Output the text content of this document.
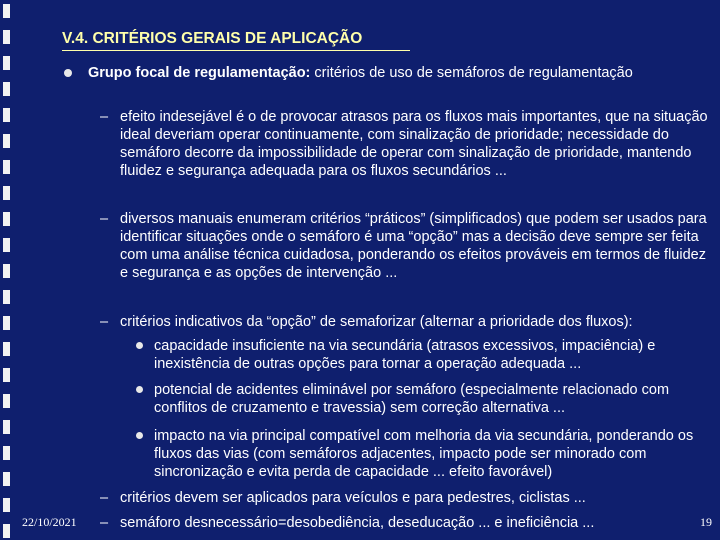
V.4. CRITÉRIOS GERAIS DE APLICAÇÃO
Grupo focal de regulamentação: critérios de uso de semáforos de regulamentação
– efeito indesejável é o de provocar atrasos para os fluxos mais importantes, que na situação ideal deveriam operar continuamente, com sinalização de prioridade; necessidade do semáforo decorre da impossibilidade de operar com sinalização de prioridade, mantendo fluidez e segurança adequada para os fluxos secundários ...
– diversos manuais enumeram critérios “práticos” (simplificados) que podem ser usados para identificar situações onde o semáforo é uma “opção” mas a decisão deve sempre ser feita com uma análise técnica cuidadosa, ponderando os efeitos prováveis em termos de fluidez e segurança e as opções de intervenção ...
– critérios indicativos da “opção” de semaforizar (alternar a prioridade dos fluxos):
capacidade insuficiente na via secundária (atrasos excessivos, impaciência) e inexistência de outras opções para tornar a operação adequada ...
potencial de acidentes eliminável por semáforo (especialmente relacionado com conflitos de cruzamento e travessia) sem correção alternativa ...
impacto na via principal compatível com melhoria da via secundária, ponderando os fluxos das vias (com semáforos adjacentes, impacto pode ser minorado com sincronização e evita perda de capacidade ... efeito favorável)
– critérios devem ser aplicados para veículos e para pedestres, ciclistas ...
– semáforo desnecessário=desobediência, deseducação ... e ineficiência ...
22/10/2021	19
